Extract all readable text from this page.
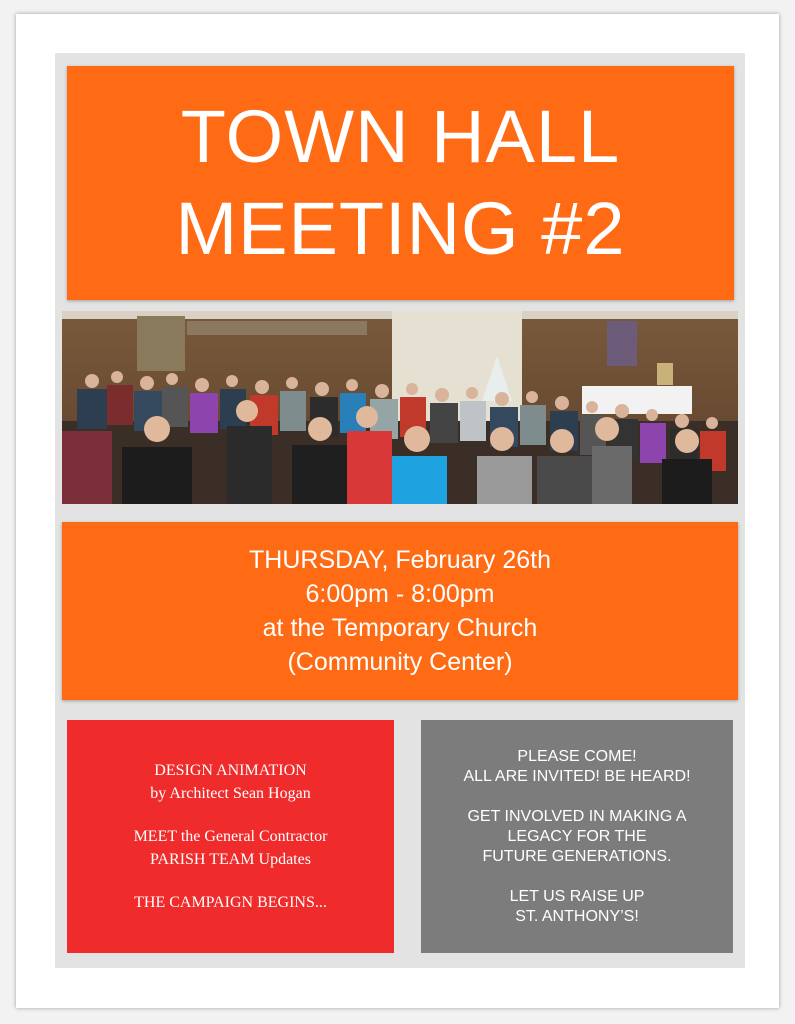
TOWN HALL
MEETING #2
THURSDAY, February 26th
6:00pm - 8:00pm
at the Temporary Church
(Community Center)
DESIGN ANIMATION
by Architect Sean Hogan
MEET the General Contractor
PARISH TEAM Updates
THE CAMPAIGN BEGINS...
PLEASE COME!
ALL ARE INVITED! BE HEARD!
GET INVOLVED IN MAKING A
LEGACY FOR THE
FUTURE GENERATIONS.
LET US RAISE UP
ST. ANTHONY’S!
